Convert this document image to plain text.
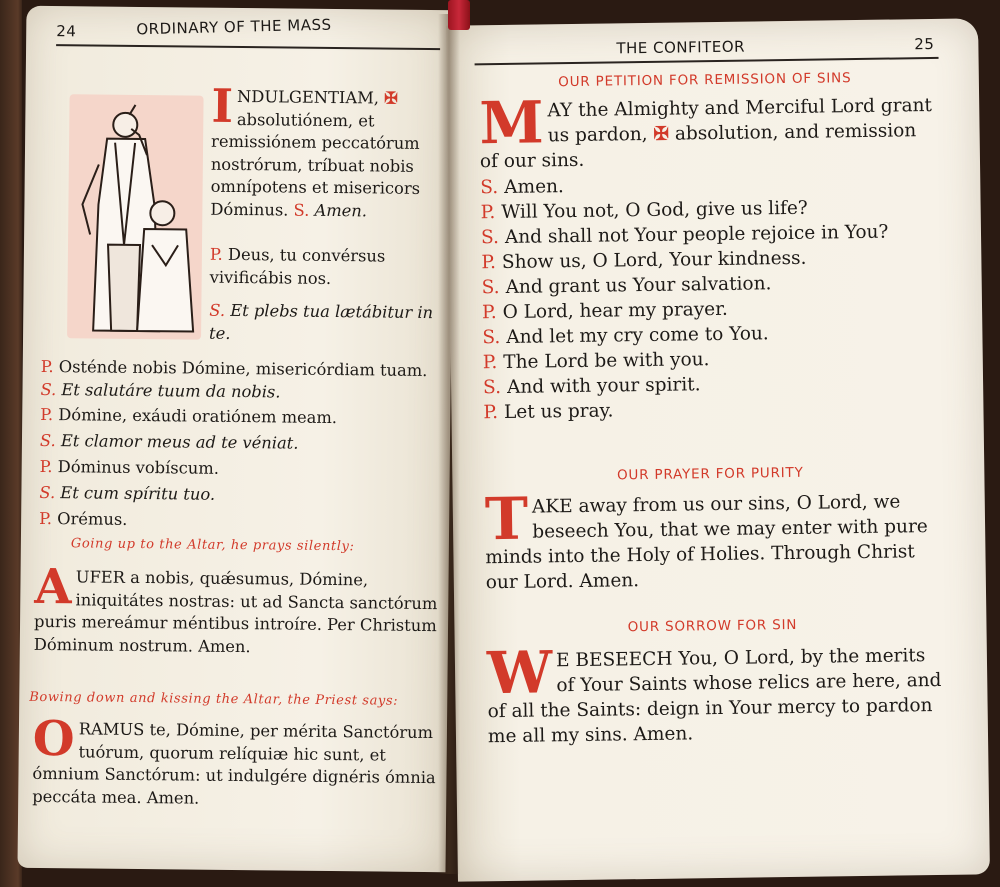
24	ORDINARY OF THE MASS
I NDULGENTIAM, ✠ absolutiónem, et remissiónem peccatórum nostrórum, tríbuat nobis omnípotens et misericors Dóminus. S. Amen.
P. Deus, tu convérsus vivificábis nos.
S. Et plebs tua lætábitur in te.
P. Osténde nobis Dómine, misericórdiam tuam. S. Et salutáre tuum da nobis.
P. Dómine, exáudi oratiónem meam.
S. Et clamor meus ad te véniat.
P. Dóminus vobíscum.
S. Et cum spíritu tuo.
P. Orémus.
Going up to the Altar, he prays silently:
A UFER a nobis, quǽsumus, Dómine, iniquitátes nostras: ut ad Sancta sanctórum puris mereámur méntibus introíre. Per Christum Dóminum nostrum. Amen.
Bowing down and kissing the Altar, the Priest says:
O RAMUS te, Dómine, per mérita Sanctórum tuórum, quorum relíquiæ hic sunt, et ómnium Sanctórum: ut indulgére dignéris ómnia peccáta mea. Amen.
THE CONFITEOR	25
OUR PETITION FOR REMISSION OF SINS
M AY the Almighty and Merciful Lord grant us pardon, ✠ absolution, and remission of our sins.
S. Amen.
P. Will You not, O God, give us life?
S. And shall not Your people rejoice in You?
P. Show us, O Lord, Your kindness.
S. And grant us Your salvation.
P. O Lord, hear my prayer.
S. And let my cry come to You.
P. The Lord be with you.
S. And with your spirit.
P. Let us pray.
OUR PRAYER FOR PURITY
T AKE away from us our sins, O Lord, we beseech You, that we may enter with pure minds into the Holy of Holies. Through Christ our Lord. Amen.
OUR SORROW FOR SIN
W E BESEECH You, O Lord, by the merits of Your Saints whose relics are here, and of all the Saints: deign in Your mercy to pardon me all my sins. Amen.
